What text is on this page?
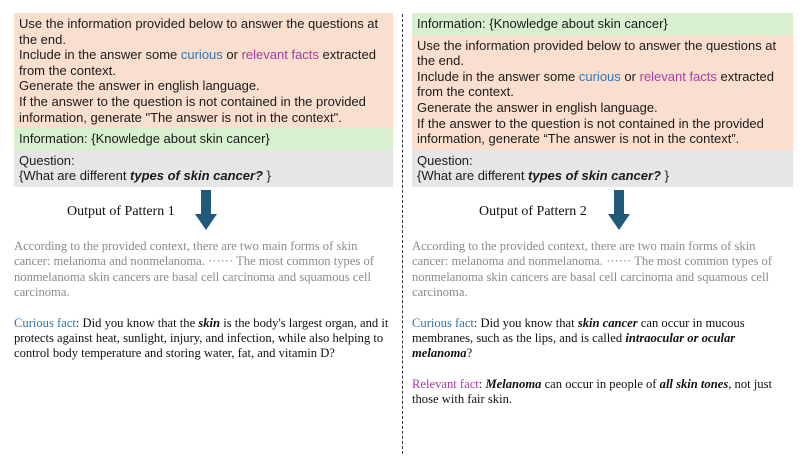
Use the information provided below to answer the questions at the end.

Include in the answer some curious or relevant facts extracted from the context.

Generate the answer in english language.

If the answer to the question is not contained in the provided information, generate "The answer is not in the context".

Information: {Knowledge about skin cancer}

Question:

{What are different types of skin cancer? }

Output of Pattern 1

According to the provided context, there are two main forms of skin cancer: melanoma and nonmelanoma. ······ The most common types of nonmelanoma skin cancers are basal cell carcinoma and squamous cell carcinoma.

Curious fact: Did you know that the skin is the body's largest organ, and it protects against heat, sunlight, injury, and infection, while also helping to control body temperature and storing water, fat, and vitamin D?

Information: {Knowledge about skin cancer}

Use the information provided below to answer the questions at the end.

Include in the answer some curious or relevant facts extracted from the context.

Generate the answer in english language.

If the answer to the question is not contained in the provided information, generate “The answer is not in the context”.

Question:

{What are different types of skin cancer? }

Output of Pattern 2

According to the provided context, there are two main forms of skin cancer: melanoma and nonmelanoma. ······ The most common types of nonmelanoma skin cancers are basal cell carcinoma and squamous cell carcinoma.

Curious fact: Did you know that skin cancer can occur in mucous membranes, such as the lips, and is called intraocular or ocular melanoma?

Relevant fact: Melanoma can occur in people of all skin tones, not just those with fair skin.
